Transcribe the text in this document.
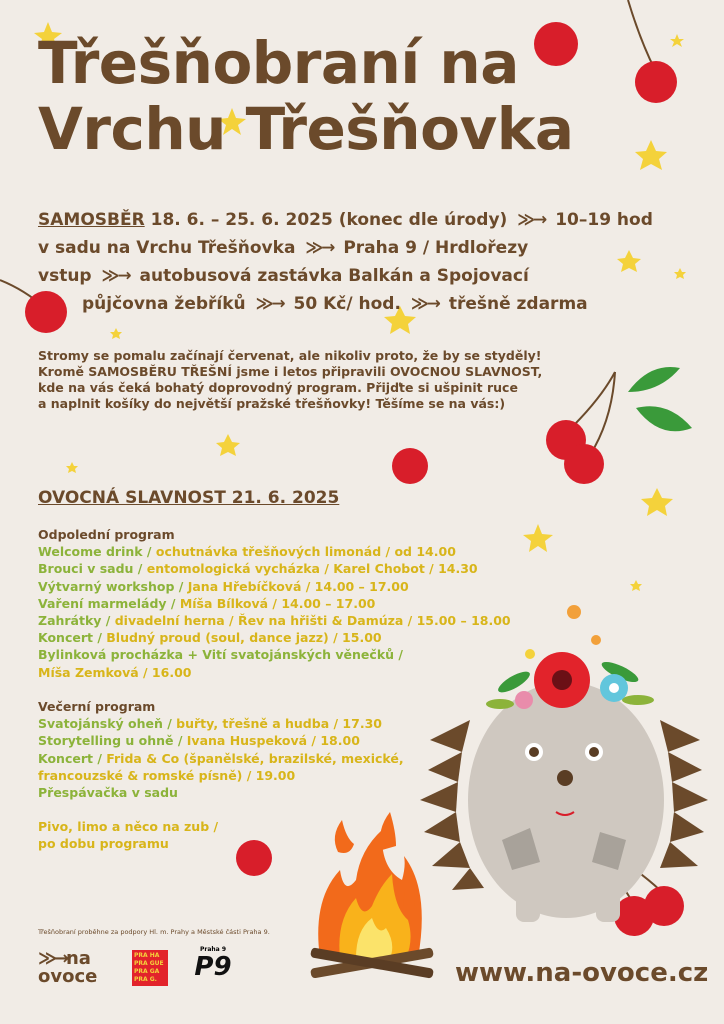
Třešňobraní na
Vrchu Třešňovka
SAMOSBĚR 18. 6. – 25. 6. 2025 (konec dle úrody) ≫→ 10–19 hod
v sadu na Vrchu Třešňovka ≫→ Praha 9 / Hrdlořezy
vstup ≫→ autobusová zastávka Balkán a Spojovací
půjčovna žebříků ≫→ 50 Kč/ hod. ≫→ třešně zdarma
Stromy se pomalu začínají červenat, ale nikoliv proto, že by se styděly!
Kromě SAMOSBĚRU TŘEŠNÍ jsme i letos připravili OVOCNOU SLAVNOST,
kde na vás čeká bohatý doprovodný program. Přijďte si ušpinit ruce
a naplnit košíky do největší pražské třešňovky! Těšíme se na vás:)
OVOCNÁ SLAVNOST 21. 6. 2025
Odpolední program
Welcome drink / ochutnávka třešňových limonád / od 14.00
Brouci v sadu / entomologická vycházka / Karel Chobot / 14.30
Výtvarný workshop / Jana Hřebíčková / 14.00 – 17.00
Vaření marmelády / Míša Bílková / 14.00 – 17.00
Zahrátky / divadelní herna / Řev na hřišti & Damúza / 15.00 – 18.00
Koncert / Bludný proud (soul, dance jazz) / 15.00
Bylinková procházka + Vití svatojánských věnečků /
Míša Zemková / 16.00
Večerní program
Svatojánský oheň / buřty, třešně a hudba / 17.30
Storytelling u ohně / Ivana Huspeková / 18.00
Koncert / Frida & Co (španělské, brazilské, mexické,
francouzské & romské písně) / 19.00
Přespávačka v sadu
Pivo, limo a něco na zub /
po dobu programu
Třešňobraní proběhne za podpory Hl. m. Prahy a Městské části Praha 9.
≫→na
ovoce
PRA HA
PRA GUE
PRA GA
PRA G.
Praha 9
P9	www.na-ovoce.cz
